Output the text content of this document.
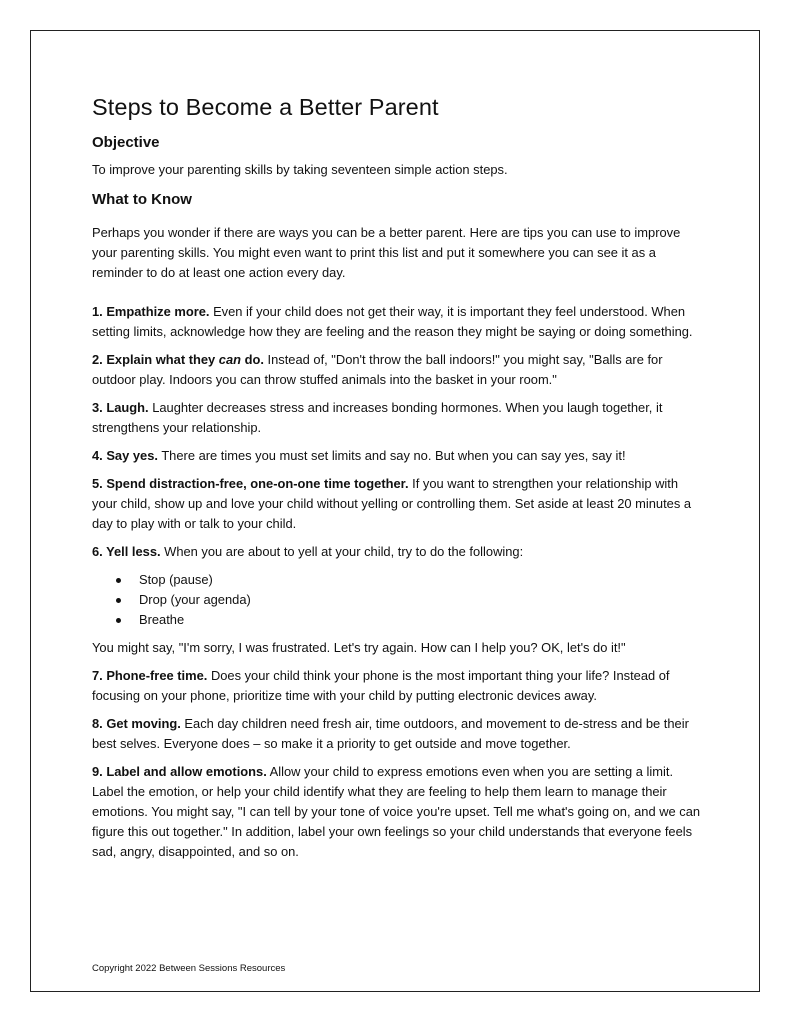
Steps to Become a Better Parent
Objective

To improve your parenting skills by taking seventeen simple action steps.

What to Know

Perhaps you wonder if there are ways you can be a better parent. Here are tips you can use to improve your parenting skills. You might even want to print this list and put it somewhere you can see it as a reminder to do at least one action every day.

1. Empathize more. Even if your child does not get their way, it is important they feel understood. When setting limits, acknowledge how they are feeling and the reason they might be saying or doing something.

2. Explain what they can do. Instead of, "Don't throw the ball indoors!" you might say, "Balls are for outdoor play. Indoors you can throw stuffed animals into the basket in your room."

3. Laugh. Laughter decreases stress and increases bonding hormones. When you laugh together, it strengthens your relationship.

4. Say yes. There are times you must set limits and say no. But when you can say yes, say it!

5. Spend distraction-free, one-on-one time together. If you want to strengthen your relationship with your child, show up and love your child without yelling or controlling them. Set aside at least 20 minutes a day to play with or talk to your child.

6. Yell less. When you are about to yell at your child, try to do the following:

Stop (pause)
Drop (your agenda)
Breathe

You might say, "I'm sorry, I was frustrated. Let's try again. How can I help you? OK, let's do it!"

7. Phone-free time. Does your child think your phone is the most important thing your life? Instead of focusing on your phone, prioritize time with your child by putting electronic devices away.

8. Get moving. Each day children need fresh air, time outdoors, and movement to de-stress and be their best selves. Everyone does – so make it a priority to get outside and move together.

9. Label and allow emotions. Allow your child to express emotions even when you are setting a limit. Label the emotion, or help your child identify what they are feeling to help them learn to manage their emotions. You might say, "I can tell by your tone of voice you're upset. Tell me what's going on, and we can figure this out together." In addition, label your own feelings so your child understands that everyone feels sad, angry, disappointed, and so on.

Copyright 2022 Between Sessions Resources
